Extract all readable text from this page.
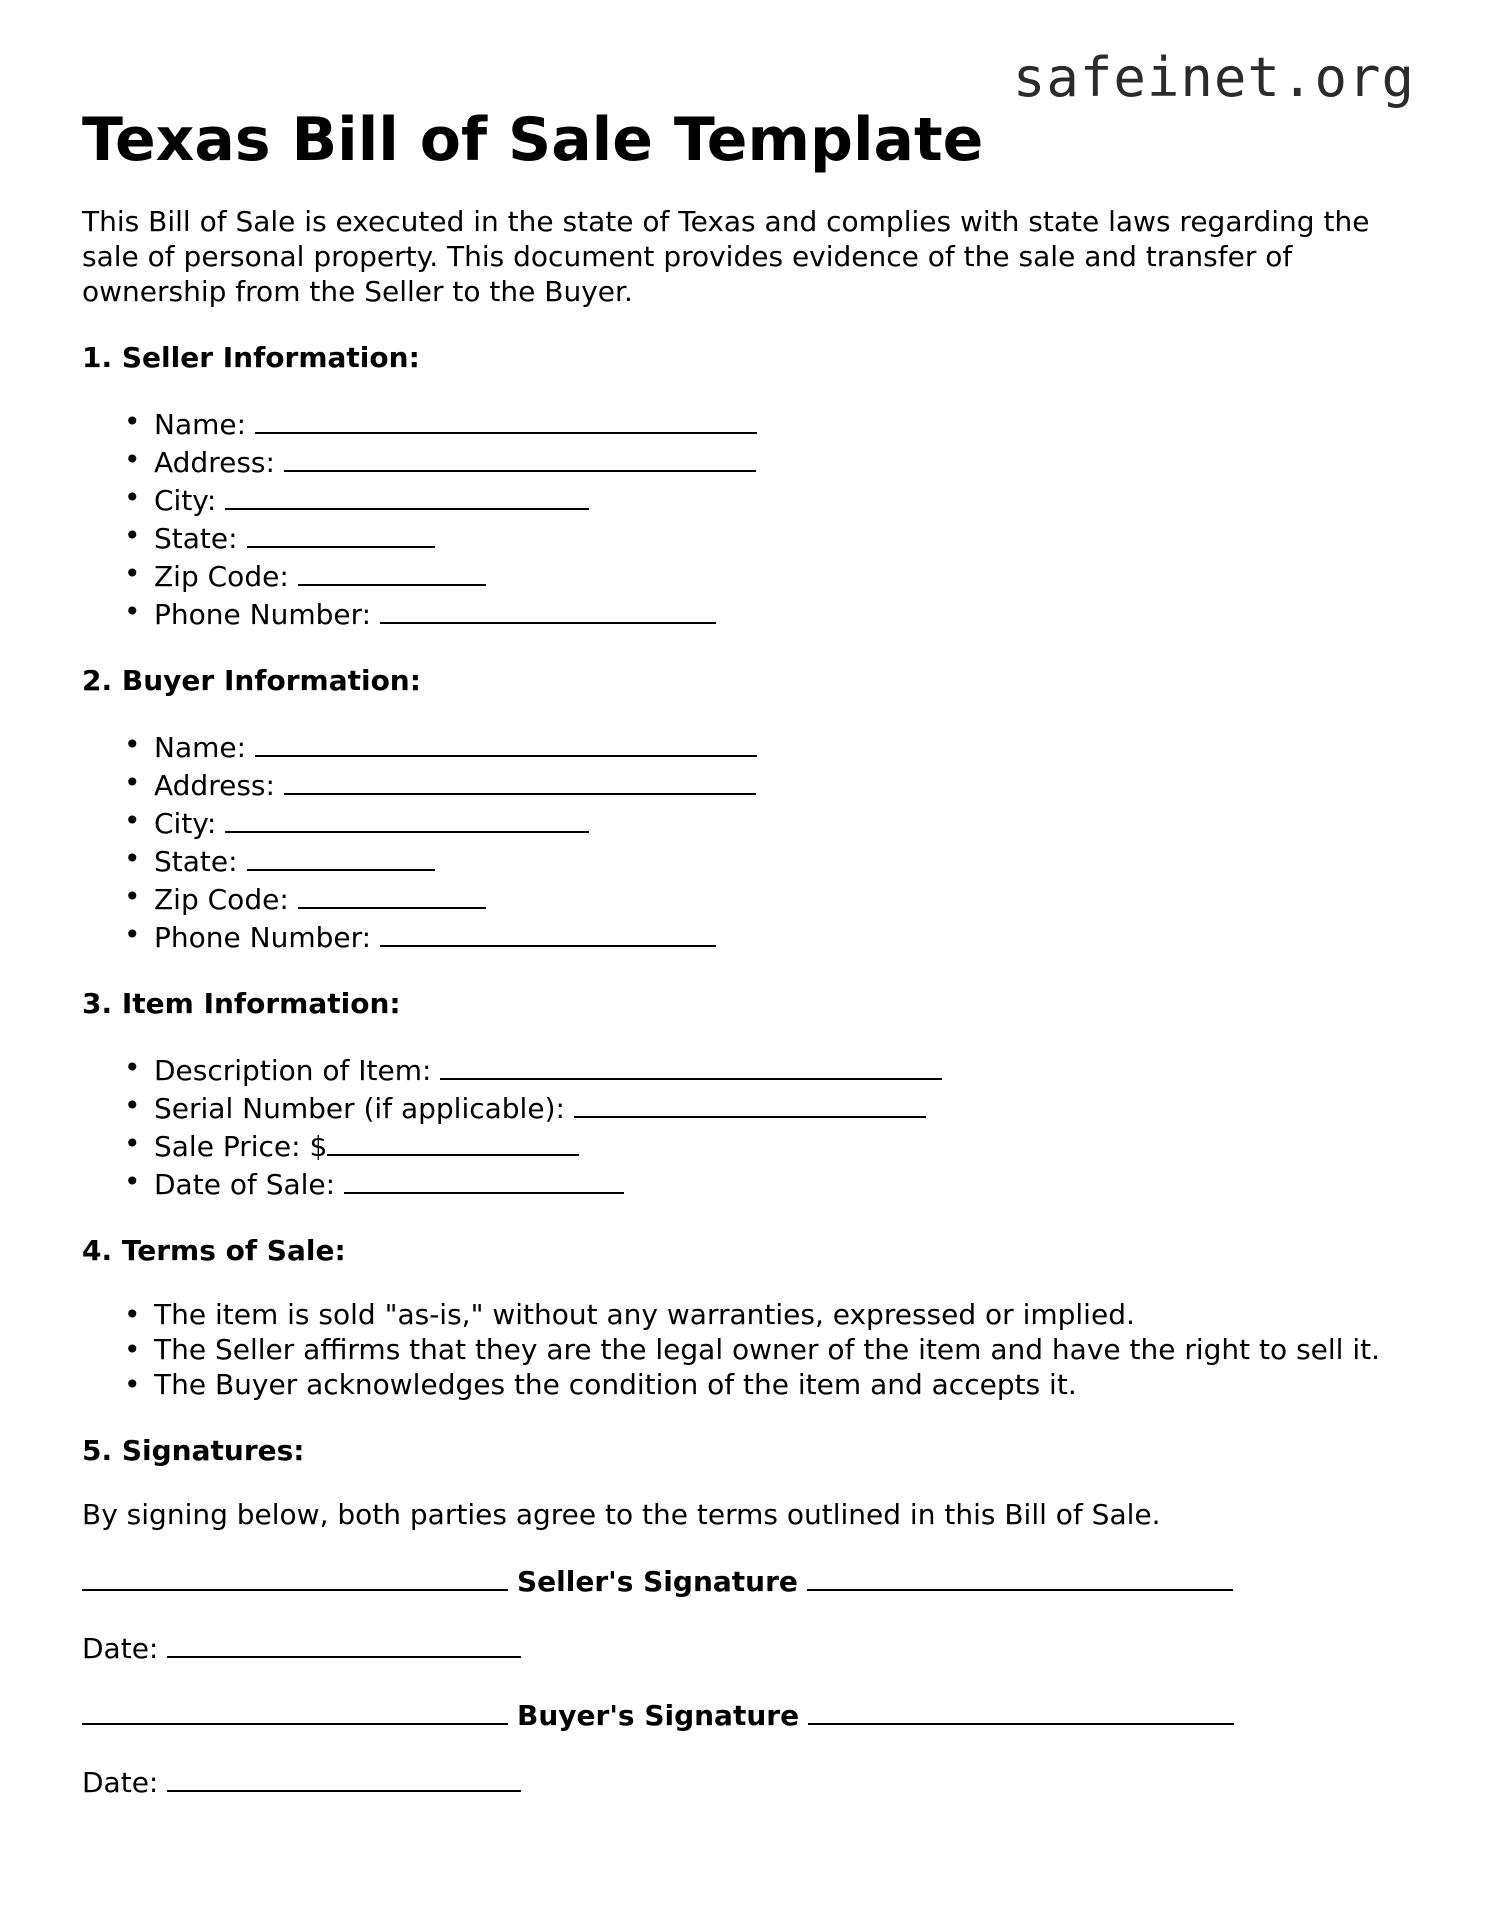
safeinet.org
Texas Bill of Sale Template

This Bill of Sale is executed in the state of Texas and complies with state laws regarding the sale of personal property. This document provides evidence of the sale and transfer of ownership from the Seller to the Buyer.

1. Seller Information:
• Name:
• Address:
• City:
• State:
• Zip Code:
• Phone Number:
2. Buyer Information:
• Name:
• Address:
• City:
• State:
• Zip Code:
• Phone Number:
3. Item Information:
• Description of Item:
• Serial Number (if applicable):
• Sale Price: $
• Date of Sale:
4. Terms of Sale:
• The item is sold "as-is," without any warranties, expressed or implied.
• The Seller affirms that they are the legal owner of the item and have the right to sell it.
• The Buyer acknowledges the condition of the item and accepts it.
5. Signatures:

By signing below, both parties agree to the terms outlined in this Bill of Sale.

Seller's Signature
Date:
Buyer's Signature
Date:
